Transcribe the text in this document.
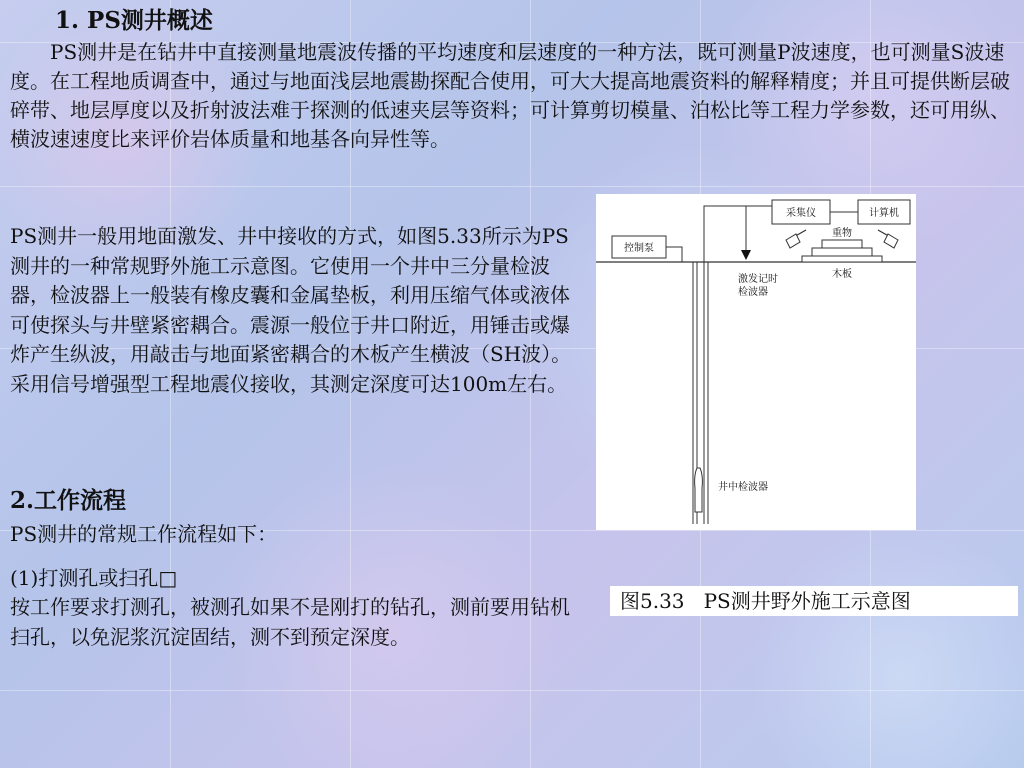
1. PS测井概述

PS测井是在钻井中直接测量地震波传播的平均速度和层速度的一种方法，既可测量P波速度，也可测量S波速度。在工程地质调查中，通过与地面浅层地震勘探配合使用，可大大提高地震资料的解释精度；并且可提供断层破碎带、地层厚度以及折射波法难于探测的低速夹层等资料；可计算剪切模量、泊松比等工程力学参数，还可用纵、横波速速度比来评价岩体质量和地基各向异性等。

PS测井一般用地面激发、井中接收的方式，如图5.33所示为PS测井的一种常规野外施工示意图。它使用一个井中三分量检波器，检波器上一般装有橡皮囊和金属垫板，利用压缩气体或液体可使探头与井壁紧密耦合。震源一般位于井口附近，用锤击或爆炸产生纵波，用敲击与地面紧密耦合的木板产生横波（SH波）。采用信号增强型工程地震仪接收，其测定深度可达100m左右。

2.工作流程

PS测井的常规工作流程如下：

(1)打测孔或扫孔□

按工作要求打测孔，被测孔如果不是刚打的钻孔，测前要用钻机扫孔，以免泥浆沉淀固结，测不到预定深度。

控制泵
采集仪	计算机
激发记时
检波器
重物
木板
井中检波器
图5.33   PS测井野外施工示意图
